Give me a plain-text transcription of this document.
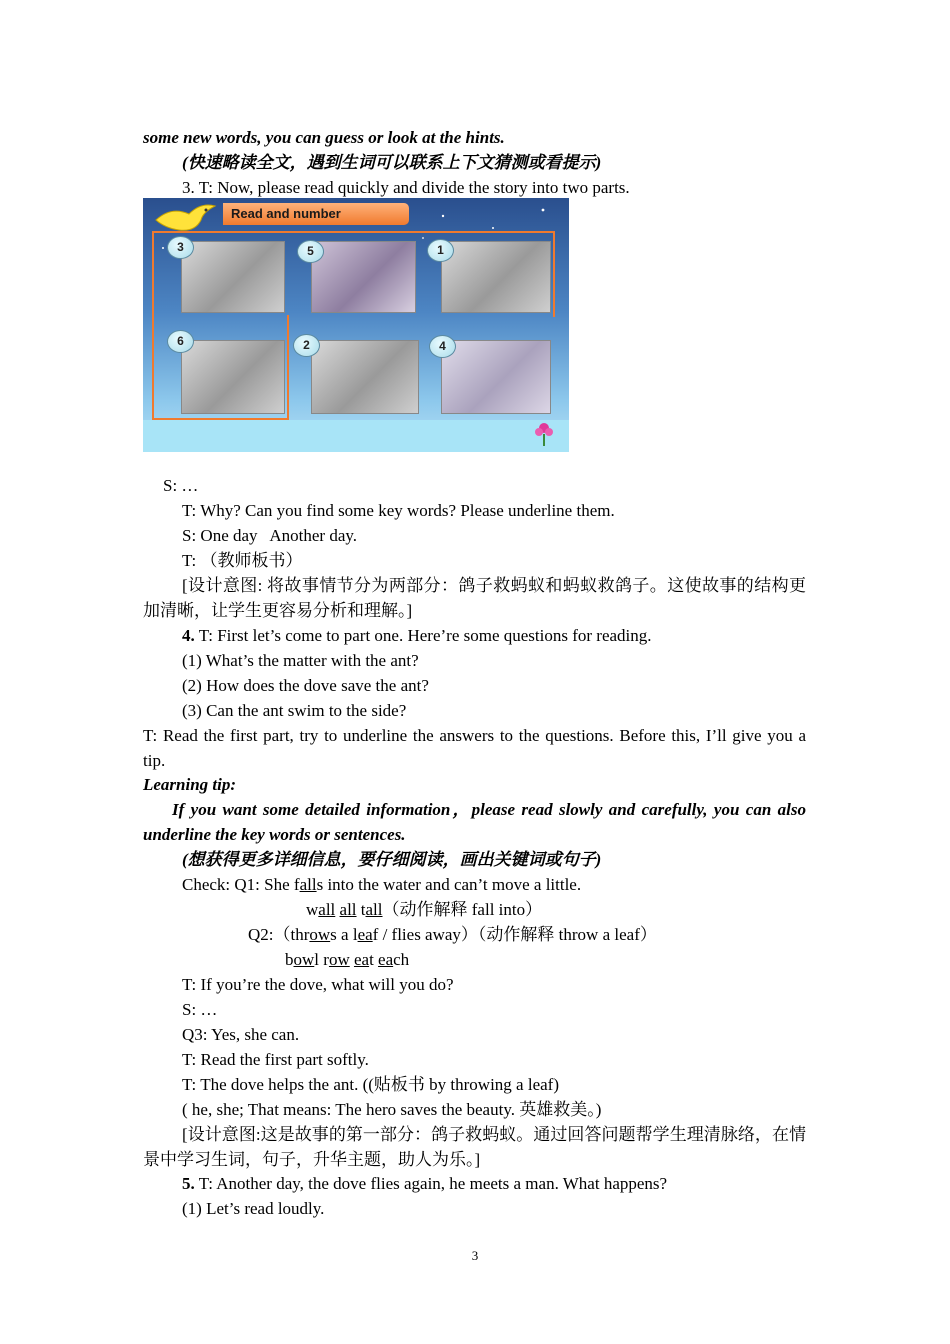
some new words, you can guess or look at the hints.
(快速略读全文，遇到生词可以联系上下文猜测或看提示)
3. T: Now, please read quickly and divide the story into two parts.
Read and number
3	5	1
6	2	4
S: …
T: Why? Can you find some key words? Please underline them.
S: One day   Another day.
T: （教师板书）
[设计意图: 将故事情节分为两部分：鸽子救蚂蚁和蚂蚁救鸽子。这使故事的结构更加清晰，让学生更容易分析和理解。]
4. T: First let’s come to part one. Here’re some questions for reading.
(1) What’s the matter with the ant?
(2) How does the dove save the ant?
(3) Can the ant swim to the side?
T: Read the first part, try to underline the answers to the questions. Before this, I’ll give you a tip.
Learning tip:
If you want some detailed information，please read slowly and carefully, you can also underline the key words or sentences.
(想获得更多详细信息，要仔细阅读，画出关键词或句子)
Check: Q1: She falls into the water and can’t move a little.
wall all tall（动作解释 fall into）
Q2:（throws a leaf / flies away）（动作解释 throw a leaf）
bowl row eat each
T: If you’re the dove, what will you do?
S: …
Q3: Yes, she can.
T: Read the first part softly.
T: The dove helps the ant. ((贴板书 by throwing a leaf)
( he, she; That means: The hero saves the beauty. 英雄救美。)
[设计意图:这是故事的第一部分：鸽子救蚂蚁。通过回答问题帮学生理清脉络，在情景中学习生词，句子，升华主题，助人为乐。]
5. T: Another day, the dove flies again, he meets a man. What happens?
(1) Let’s read loudly.
3
